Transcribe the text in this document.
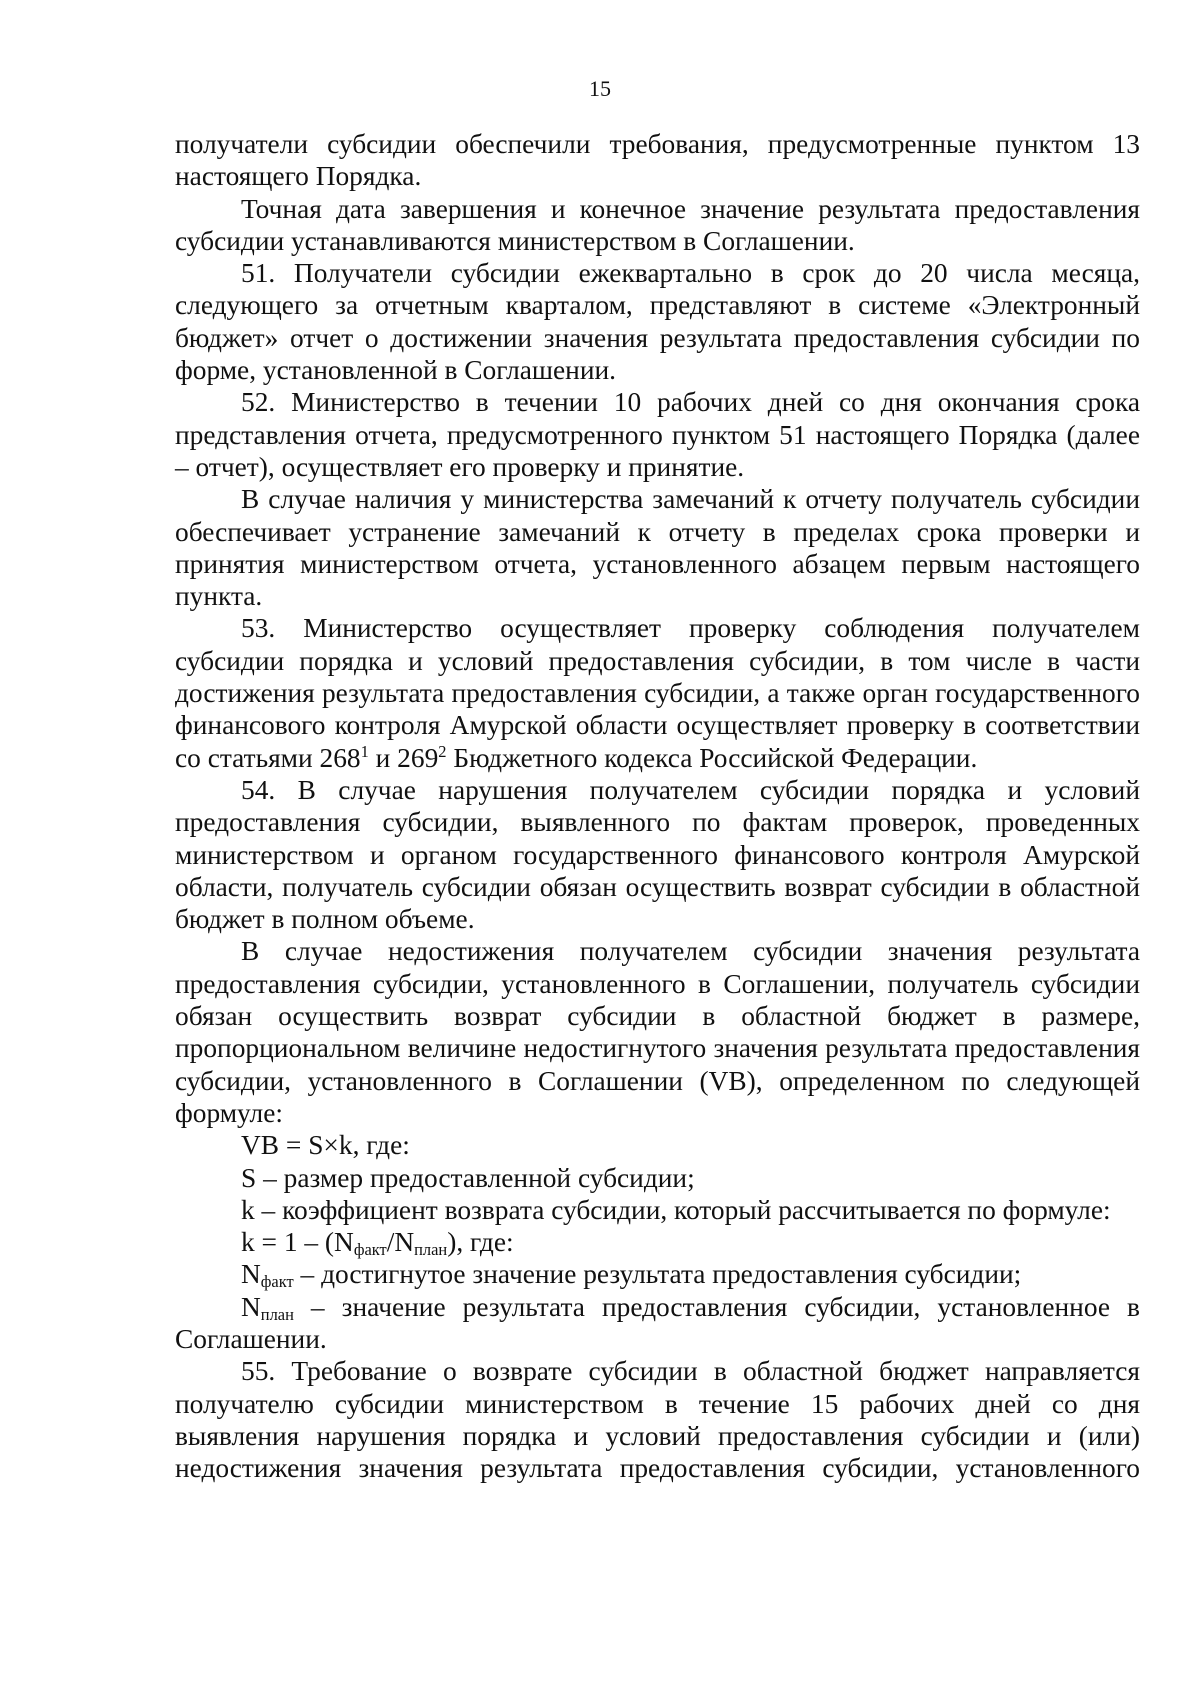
15

получатели субсидии обеспечили требования, предусмотренные пунктом 13 настоящего Порядка.

Точная дата завершения и конечное значение результата предоставления субсидии устанавливаются министерством в Соглашении.

51. Получатели субсидии ежеквартально в срок до 20 числа месяца, следующего за отчетным кварталом, представляют в системе «Электронный бюджет» отчет о достижении значения результата предоставления субсидии по форме, установленной в Соглашении.

52. Министерство в течении 10 рабочих дней со дня окончания срока представления отчета, предусмотренного пунктом 51 настоящего Порядка (далее – отчет), осуществляет его проверку и принятие.

В случае наличия у министерства замечаний к отчету получатель субсидии обеспечивает устранение замечаний к отчету в пределах срока проверки и принятия министерством отчета, установленного абзацем первым настоящего пункта.

53. Министерство осуществляет проверку соблюдения получателем субсидии порядка и условий предоставления субсидии, в том числе в части достижения результата предоставления субсидии, а также орган государственного финансового контроля Амурской области осуществляет проверку в соответствии со статьями $268^1$ и $269^2$ Бюджетного кодекса Российской Федерации.

54. В случае нарушения получателем субсидии порядка и условий предоставления субсидии, выявленного по фактам проверок, проведенных министерством и органом государственного финансового контроля Амурской области, получатель субсидии обязан осуществить возврат субсидии в областной бюджет в полном объеме.

В случае недостижения получателем субсидии значения результата предоставления субсидии, установленного в Соглашении, получатель субсидии обязан осуществить возврат субсидии в областной бюджет в размере, пропорциональном величине недостигнутого значения результата предоставления субсидии, установленного в Соглашении (VB), определенном по следующей формуле:

VB = S×k, где:

S – размер предоставленной субсидии;

k – коэффициент возврата субсидии, который рассчитывается по формуле:

$k = 1 - (N_{факт}/N_{план})$, где:

$N_{факт}$ – достигнутое значение результата предоставления субсидии;

$N_{план}$ – значение результата предоставления субсидии, установленное в Соглашении.

55. Требование о возврате субсидии в областной бюджет направляется получателю субсидии министерством в течение 15 рабочих дней со дня выявления нарушения порядка и условий предоставления субсидии и (или) недостижения значения результата предоставления субсидии, установленного
